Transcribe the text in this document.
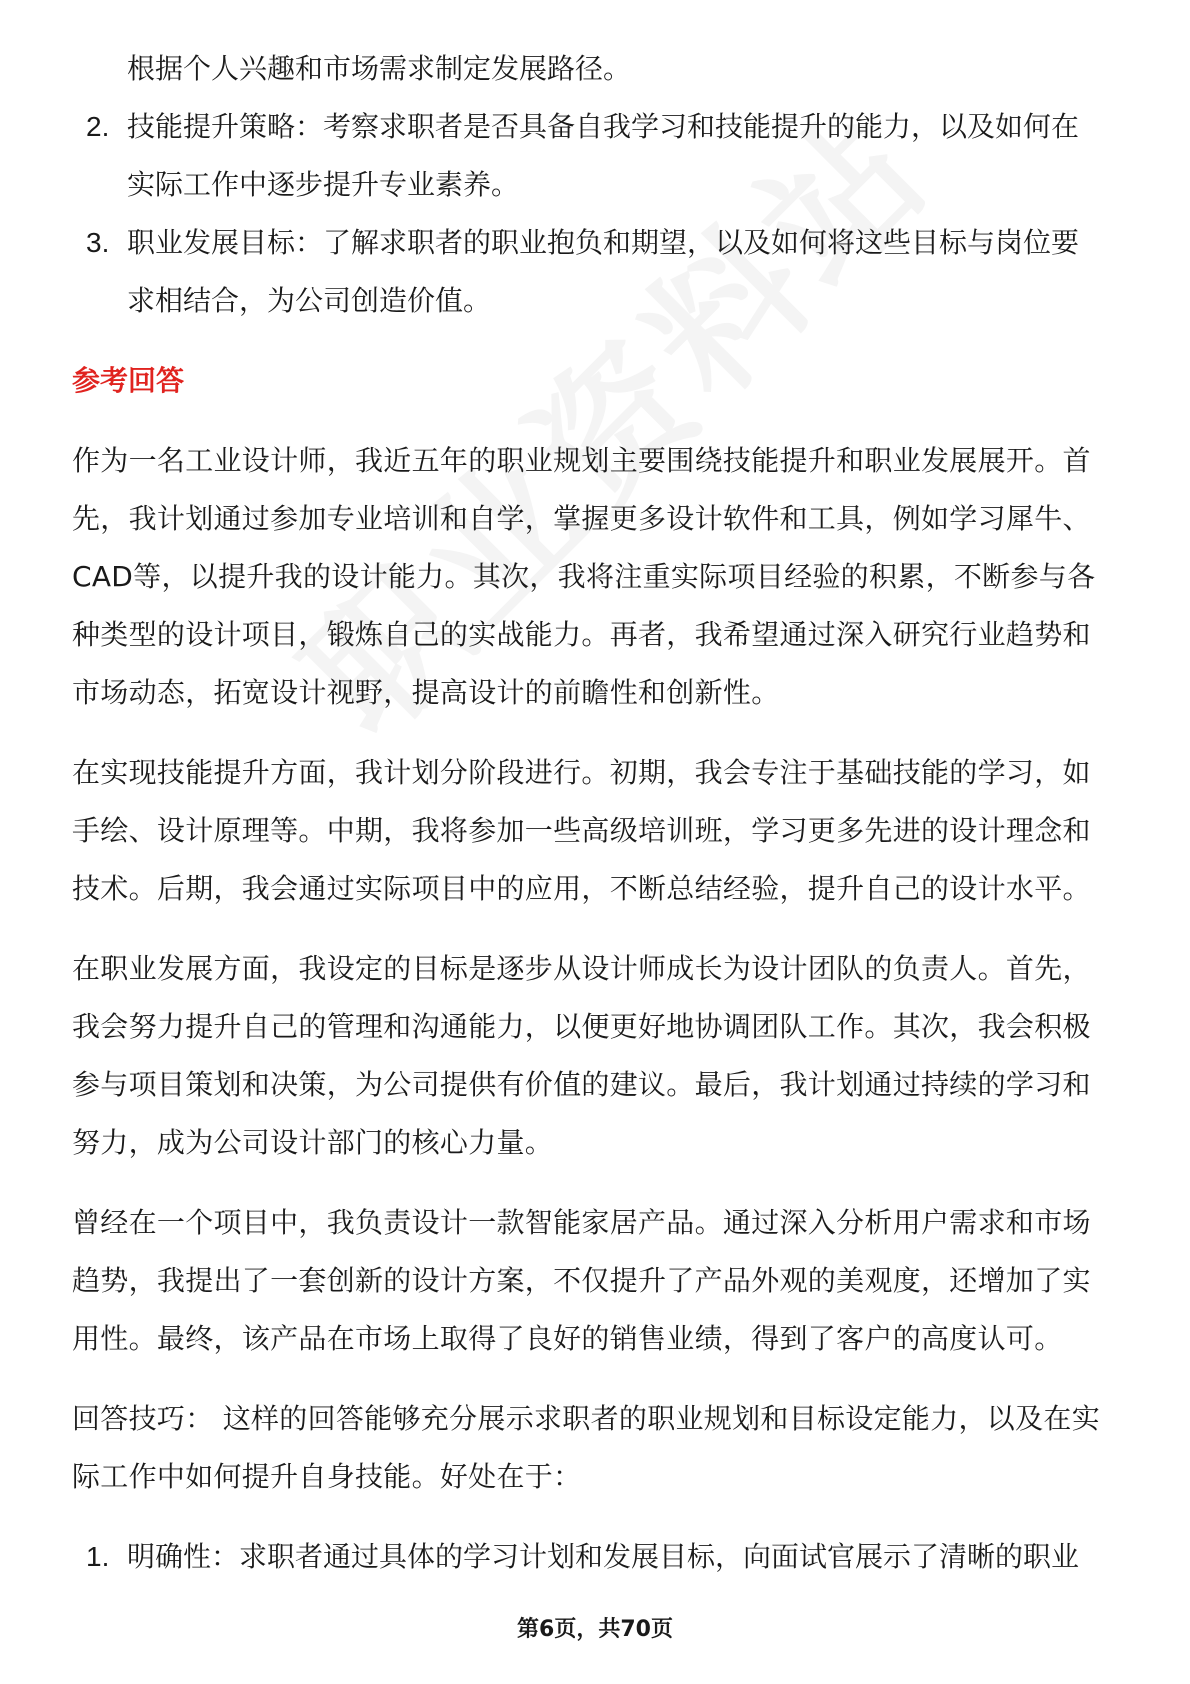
根据个人兴趣和市场需求制定发展路径。
2. 技能提升策略：考察求职者是否具备自我学习和技能提升的能力，以及如何在
实际工作中逐步提升专业素养。
3. 职业发展目标：了解求职者的职业抱负和期望，以及如何将这些目标与岗位要
求相结合，为公司创造价值。
参考回答
作为一名工业设计师，我近五年的职业规划主要围绕技能提升和职业发展展开。首
先，我计划通过参加专业培训和自学，掌握更多设计软件和工具，例如学习犀牛、
CAD等，以提升我的设计能力。其次，我将注重实际项目经验的积累，不断参与各
种类型的设计项目，锻炼自己的实战能力。再者，我希望通过深入研究行业趋势和
市场动态，拓宽设计视野，提高设计的前瞻性和创新性。
在实现技能提升方面，我计划分阶段进行。初期，我会专注于基础技能的学习，如
手绘、设计原理等。中期，我将参加一些高级培训班，学习更多先进的设计理念和
技术。后期，我会通过实际项目中的应用，不断总结经验，提升自己的设计水平。
在职业发展方面，我设定的目标是逐步从设计师成长为设计团队的负责人。首先，
我会努力提升自己的管理和沟通能力，以便更好地协调团队工作。其次，我会积极
参与项目策划和决策，为公司提供有价值的建议。最后，我计划通过持续的学习和
努力，成为公司设计部门的核心力量。
曾经在一个项目中，我负责设计一款智能家居产品。通过深入分析用户需求和市场
趋势，我提出了一套创新的设计方案，不仅提升了产品外观的美观度，还增加了实
用性。最终，该产品在市场上取得了良好的销售业绩，得到了客户的高度认可。
回答技巧： 这样的回答能够充分展示求职者的职业规划和目标设定能力，以及在实
际工作中如何提升自身技能。好处在于：
1. 明确性：求职者通过具体的学习计划和发展目标，向面试官展示了清晰的职业
第6页，共70页
